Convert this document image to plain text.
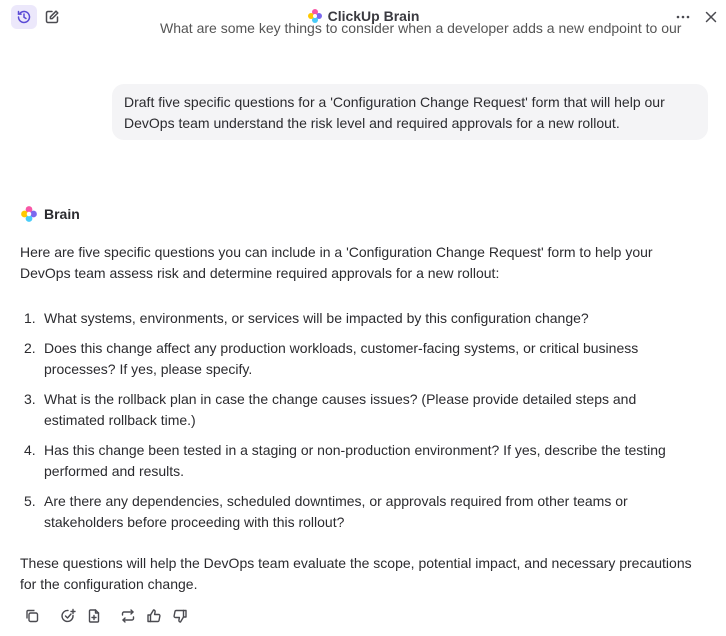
ClickUp Brain
What are some key things to consider when a developer adds a new endpoint to our
Draft five specific questions for a 'Configuration Change Request' form that will help our DevOps team understand the risk level and required approvals for a new rollout.
Brain
Here are five specific questions you can include in a 'Configuration Change Request' form to help your DevOps team assess risk and determine required approvals for a new rollout:
1. What systems, environments, or services will be impacted by this configuration change?
2. Does this change affect any production workloads, customer-facing systems, or critical business processes? If yes, please specify.
3. What is the rollback plan in case the change causes issues? (Please provide detailed steps and estimated rollback time.)
4. Has this change been tested in a staging or non-production environment? If yes, describe the testing performed and results.
5. Are there any dependencies, scheduled downtimes, or approvals required from other teams or stakeholders before proceeding with this rollout?
These questions will help the DevOps team evaluate the scope, potential impact, and necessary precautions for the configuration change.
